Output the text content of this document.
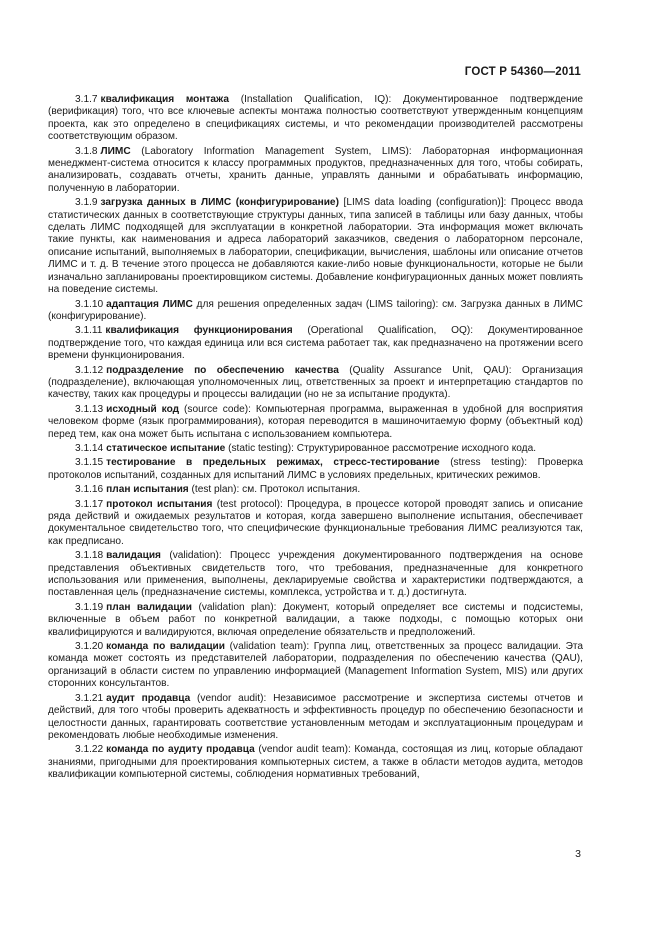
ГОСТ Р 54360—2011

3.1.7 квалификация монтажа (Installation Qualification, IQ): Документированное подтверждение (верификация) того, что все ключевые аспекты монтажа полностью соответствуют утвержденным концепциям проекта, как это определено в спецификациях системы, и что рекомендации производителей рассмотрены соответствующим образом.

3.1.8 ЛИМС (Laboratory Information Management System, LIMS): Лабораторная информационная менеджмент-система относится к классу программных продуктов, предназначенных для того, чтобы собирать, анализировать, создавать отчеты, хранить данные, управлять данными и обрабатывать информацию, полученную в лаборатории.

3.1.9 загрузка данных в ЛИМС (конфигурирование) [LIMS data loading (configuration)]: Процесс ввода статистических данных в соответствующие структуры данных, типа записей в таблицы или базу данных, чтобы сделать ЛИМС подходящей для эксплуатации в конкретной лаборатории. Эта информация может включать такие пункты, как наименования и адреса лабораторий заказчиков, сведения о лабораторном персонале, описание испытаний, выполняемых в лаборатории, спецификации, вычисления, шаблоны или описание отчетов ЛИМС и т. д. В течение этого процесса не добавляются какие-либо новые функциональности, которые не были изначально запланированы проектировщиком системы. Добавление конфигурационных данных может повлиять на поведение системы.

3.1.10 адаптация ЛИМС для решения определенных задач (LIMS tailoring): см. Загрузка данных в ЛИМС (конфигурирование).

3.1.11 квалификация функционирования (Operational Qualification, OQ): Документированное подтверждение того, что каждая единица или вся система работает так, как предназначено на протяжении всего времени функционирования.

3.1.12 подразделение по обеспечению качества (Quality Assurance Unit, QAU): Организация (подразделение), включающая уполномоченных лиц, ответственных за проект и интерпретацию стандартов по качеству, таких как процедуры и процессы валидации (но не за испытание продукта).

3.1.13 исходный код (source code): Компьютерная программа, выраженная в удобной для восприятия человеком форме (язык программирования), которая переводится в машиночитаемую форму (объектный код) перед тем, как она может быть испытана с использованием компьютера.

3.1.14 статическое испытание (static testing): Структурированное рассмотрение исходного кода.

3.1.15 тестирование в предельных режимах, стресс-тестирование (stress testing): Проверка протоколов испытаний, созданных для испытаний ЛИМС в условиях предельных, критических режимов.

3.1.16 план испытания (test plan): см. Протокол испытания.

3.1.17 протокол испытания (test protocol): Процедура, в процессе которой проводят запись и описание ряда действий и ожидаемых результатов и которая, когда завершено выполнение испытания, обеспечивает документальное свидетельство того, что специфические функциональные требования ЛИМС реализуются так, как предписано.

3.1.18 валидация (validation): Процесс учреждения документированного подтверждения на основе представления объективных свидетельств того, что требования, предназначенные для конкретного использования или применения, выполнены, декларируемые свойства и характеристики подтверждаются, а поставленная цель (предназначение системы, комплекса, устройства и т. д.) достигнута.

3.1.19 план валидации (validation plan): Документ, который определяет все системы и подсистемы, включенные в объем работ по конкретной валидации, а также подходы, с помощью которых они квалифицируются и валидируются, включая определение обязательств и предположений.

3.1.20 команда по валидации (validation team): Группа лиц, ответственных за процесс валидации. Эта команда может состоять из представителей лаборатории, подразделения по обеспечению качества (QAU), организаций в области систем по управлению информацией (Management Information System, MIS) или других сторонних консультантов.

3.1.21 аудит продавца (vendor audit): Независимое рассмотрение и экспертиза системы отчетов и действий, для того чтобы проверить адекватность и эффективность процедур по обеспечению безопасности и целостности данных, гарантировать соответствие установленным методам и эксплуатационным процедурам и рекомендовать любые необходимые изменения.

3.1.22 команда по аудиту продавца (vendor audit team): Команда, состоящая из лиц, которые обладают знаниями, пригодными для проектирования компьютерных систем, а также в области методов аудита, методов квалификации компьютерной системы, соблюдения нормативных требований,

3
